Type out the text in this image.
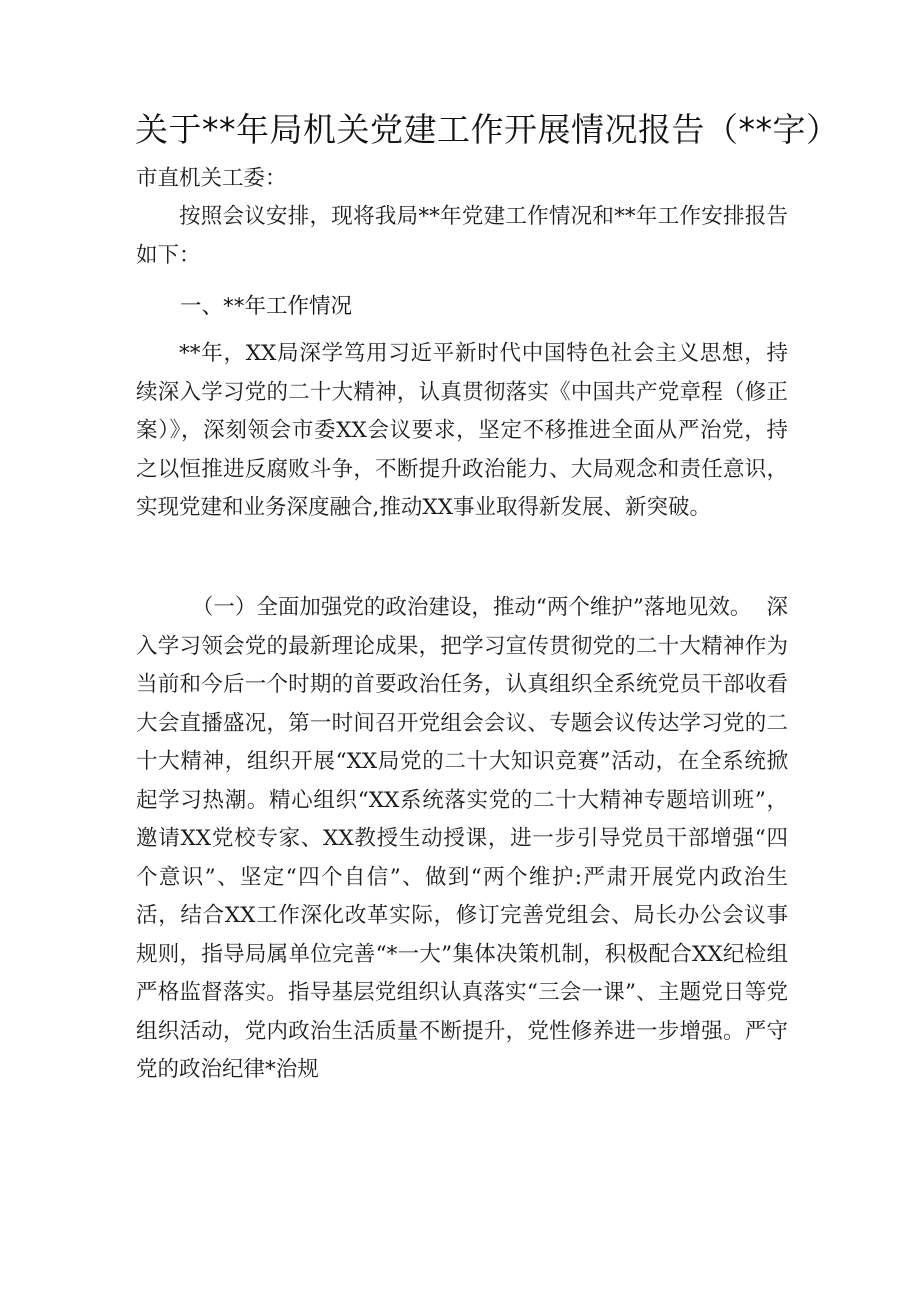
关于**年局机关党建工作开展情况报告（**字）

市直机关工委：

按照会议安排，现将我局**年党建工作情况和**年工作安排报告如下：

一、**年工作情况

**年，XX局深学笃用习近平新时代中国特色社会主义思想，持续深入学习党的二十大精神，认真贯彻落实《中国共产党章程（修正案）》，深刻领会市委XX会议要求，坚定不移推进全面从严治党，持之以恒推进反腐败斗争，不断提升政治能力、大局观念和责任意识，实现党建和业务深度融合,推动XX事业取得新发展、新突破。

（一）全面加强党的政治建设，推动“两个维护”落地见效。深入学习领会党的最新理论成果，把学习宣传贯彻党的二十大精神作为当前和今后一个时期的首要政治任务，认真组织全系统党员干部收看大会直播盛况，第一时间召开党组会会议、专题会议传达学习党的二十大精神，组织开展“XX局党的二十大知识竞赛”活动，在全系统掀起学习热潮。精心组织“XX系统落实党的二十大精神专题培训班”，邀请XX党校专家、XX教授生动授课，进一步引导党员干部增强“四个意识”、坚定“四个自信”、做到“两个维护:严肃开展党内政治生活，结合XX工作深化改革实际，修订完善党组会、局长办公会议事规则，指导局属单位完善“*一大”集体决策机制，积极配合XX纪检组严格监督落实。指导基层党组织认真落实“三会一课”、主题党日等党组织活动，党内政治生活质量不断提升，党性修养进一步增强。严守党的政治纪律*治规
